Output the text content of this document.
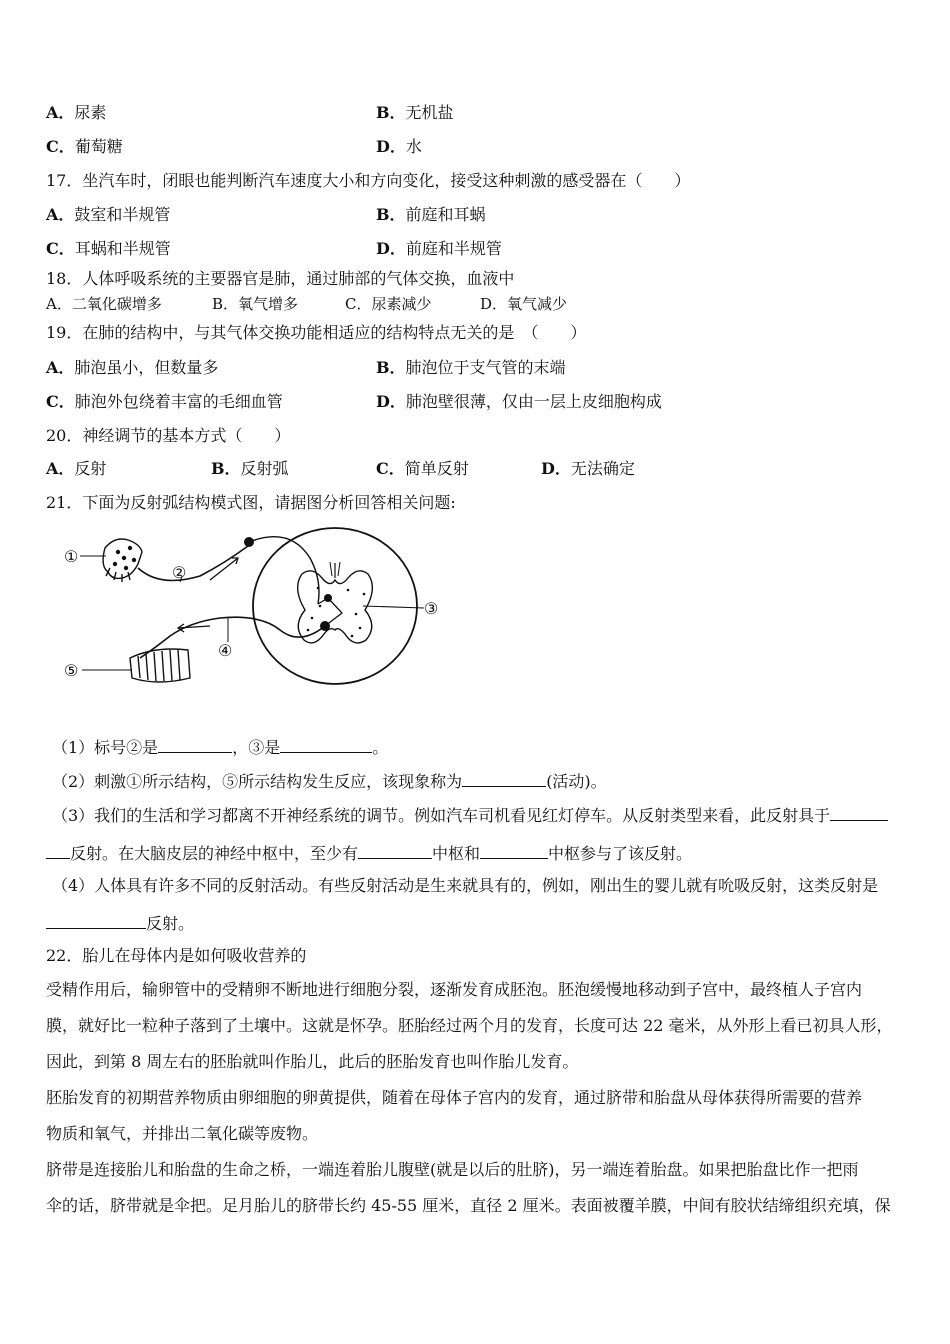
A．尿素	B．无机盐
C．葡萄糖	D．水
17．坐汽车时，闭眼也能判断汽车速度大小和方向变化，接受这种刺激的感受器在（　　）
A．鼓室和半规管	B．前庭和耳蜗
C．耳蜗和半规管	D．前庭和半规管
18．人体呼吸系统的主要器官是肺，通过肺部的气体交换，血液中
A．二氧化碳增多	B．氧气增多	C．尿素减少	D．氧气减少
19．在肺的结构中，与其气体交换功能相适应的结构特点无关的是　（　　）
A．肺泡虽小，但数量多	B．肺泡位于支气管的末端
C．肺泡外包绕着丰富的毛细血管	D．肺泡壁很薄，仅由一层上皮细胞构成
20．神经调节的基本方式（　　）
A．反射	B．反射弧	C．简单反射	D．无法确定
21．下面为反射弧结构模式图，请据图分析回答相关问题:
①
②
③
④
⑤
（1）标号②是	，③是	。
（2）刺激①所示结构，⑤所示结构发生反应，该现象称为	(活动)。
（3）我们的生活和学习都离不开神经系统的调节。例如汽车司机看见红灯停车。从反射类型来看，此反射具于
反射。在大脑皮层的神经中枢中，至少有	中枢和	中枢参与了该反射。
（4）人体具有许多不同的反射活动。有些反射活动是生来就具有的，例如，刚出生的婴儿就有吮吸反射，这类反射是
反射。
22．胎儿在母体内是如何吸收营养的
受精作用后，输卵管中的受精卵不断地进行细胞分裂，逐渐发育成胚泡。胚泡缓慢地移动到子宫中，最终植人子宫内
膜，就好比一粒种子落到了土壤中。这就是怀孕。胚胎经过两个月的发育，长度可达 22 毫米，从外形上看已初具人形，
因此，到第 8 周左右的胚胎就叫作胎儿，此后的胚胎发育也叫作胎儿发育。
胚胎发育的初期营养物质由卵细胞的卵黄提供，随着在母体子宫内的发育，通过脐带和胎盘从母体获得所需要的营养
物质和氧气，并排出二氧化碳等废物。
脐带是连接胎儿和胎盘的生命之桥，一端连着胎儿腹壁(就是以后的肚脐)，另一端连着胎盘。如果把胎盘比作一把雨
伞的话，脐带就是伞把。足月胎儿的脐带长约 45-55 厘米，直径 2 厘米。表面被覆羊膜，中间有胶状结缔组织充填，保
